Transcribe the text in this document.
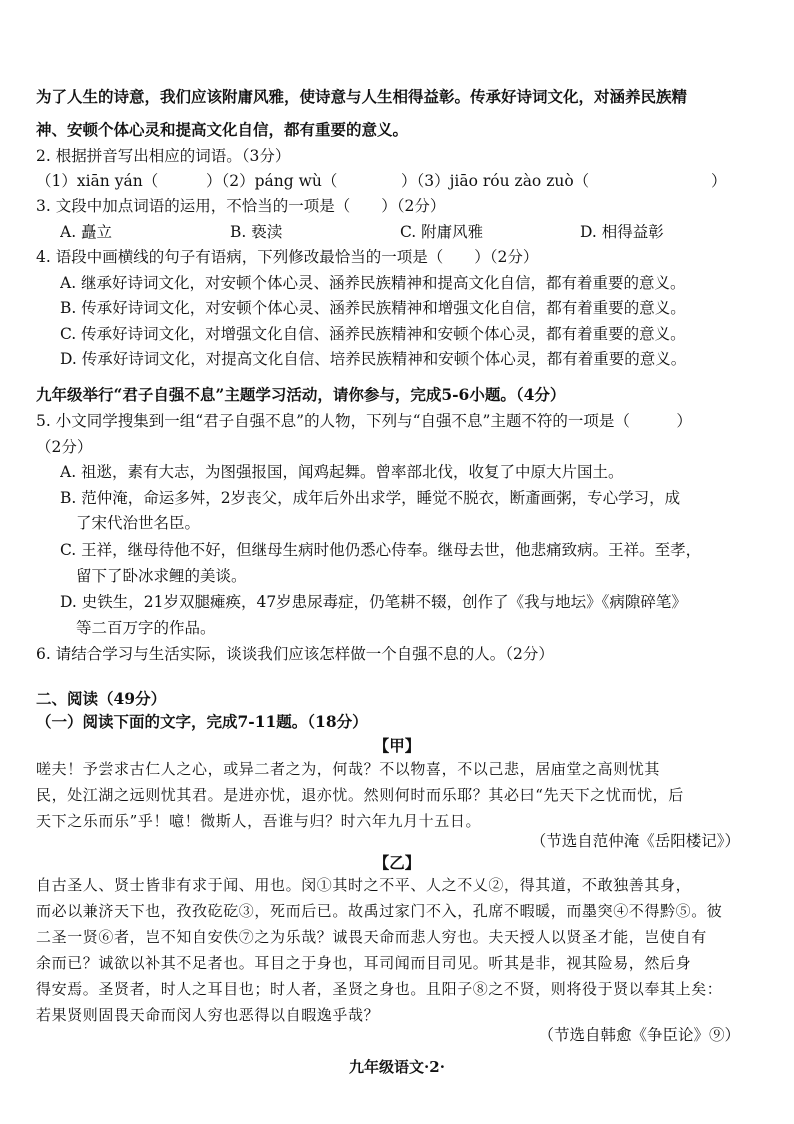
为了人生的诗意，我们应该附庸风雅，使诗意与人生相得益彰。传承好诗词文化，对涵养民族精
神、安顿个体心灵和提高文化自信，都有重要的意义。
2. 根据拼音写出相应的词语。（3分）
（1）xiān yán（	）（2）páng wù（	）（3）jiāo róu zào zuò（	）
3. 文段中加点词语的运用，不恰当的一项是（　　）（2分）
A. 矗立	B. 亵渎	C. 附庸风雅	D. 相得益彰
4. 语段中画横线的句子有语病，下列修改最恰当的一项是（　　）（2分）
A. 继承好诗词文化，对安顿个体心灵、涵养民族精神和提高文化自信，都有着重要的意义。
B. 传承好诗词文化，对安顿个体心灵、涵养民族精神和增强文化自信，都有着重要的意义。
C. 传承好诗词文化，对增强文化自信、涵养民族精神和安顿个体心灵，都有着重要的意义。
D. 传承好诗词文化，对提高文化自信、培养民族精神和安顿个体心灵，都有着重要的意义。
九年级举行“君子自强不息”主题学习活动，请你参与，完成5-6小题。（4分）
5. 小文同学搜集到一组“君子自强不息”的人物，下列与“自强不息”主题不符的一项是（　　　）
（2分）
A. 祖逖，素有大志，为图强报国，闻鸡起舞。曾率部北伐，收复了中原大片国土。
B. 范仲淹，命运多舛，2岁丧父，成年后外出求学，睡觉不脱衣，断齑画粥，专心学习，成
了宋代治世名臣。
C. 王祥，继母待他不好，但继母生病时他仍悉心侍奉。继母去世，他悲痛致病。王祥。至孝，
留下了卧冰求鲤的美谈。
D. 史铁生，21岁双腿瘫痪，47岁患尿毒症，仍笔耕不辍，创作了《我与地坛》《病隙碎笔》
等二百万字的作品。
6. 请结合学习与生活实际，谈谈我们应该怎样做一个自强不息的人。（2分）
二、阅读（49分）
（一）阅读下面的文字，完成7-11题。（18分）
【甲】
嗟夫！予尝求古仁人之心，或异二者之为，何哉？不以物喜，不以己悲，居庙堂之高则忧其
民，处江湖之远则忧其君。是进亦忧，退亦忧。然则何时而乐耶？其必曰“先天下之忧而忧，后
天下之乐而乐”乎！噫！微斯人，吾谁与归？时六年九月十五日。
（节选自范仲淹《岳阳楼记》）
【乙】
自古圣人、贤士皆非有求于闻、用也。闵①其时之不平、人之不乂②，得其道，不敢独善其身，
而必以兼济天下也，孜孜矻矻③，死而后已。故禹过家门不入，孔席不暇暖，而墨突④不得黔⑤。彼
二圣一贤⑥者，岂不知自安佚⑦之为乐哉？诚畏天命而悲人穷也。夫天授人以贤圣才能，岂使自有
余而已？诚欲以补其不足者也。耳目之于身也，耳司闻而目司见。听其是非，视其险易，然后身
得安焉。圣贤者，时人之耳目也；时人者，圣贤之身也。且阳子⑧之不贤，则将役于贤以奉其上矣：
若果贤则固畏天命而闵人穷也恶得以自暇逸乎哉？
（节选自韩愈《争臣论》⑨）
九年级语文·2·
